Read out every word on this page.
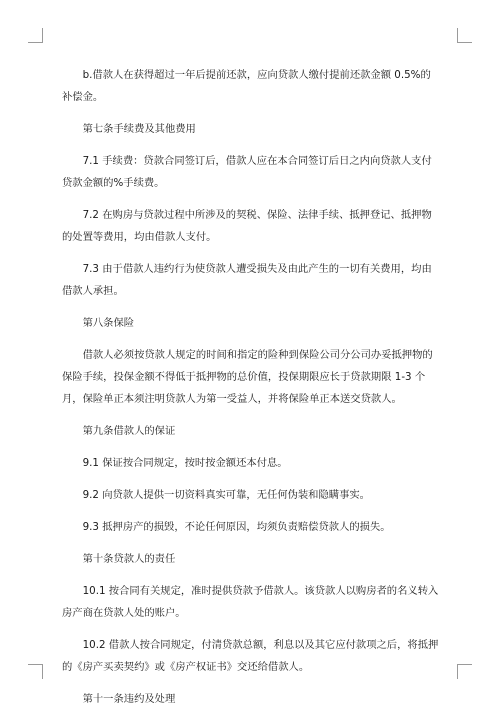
b.借款人在获得超过一年后提前还款，应向贷款人缴付提前还款金额 0.5%的补偿金。

第七条手续费及其他费用

7.1 手续费：贷款合同签订后，借款人应在本合同签订后日之内向贷款人支付贷款金额的%手续费。

7.2 在购房与贷款过程中所涉及的契税、保险、法律手续、抵押登记、抵押物的处置等费用，均由借款人支付。

7.3 由于借款人违约行为使贷款人遭受损失及由此产生的一切有关费用，均由借款人承担。

第八条保险

借款人必须按贷款人规定的时间和指定的险种到保险公司分公司办妥抵押物的保险手续，投保金额不得低于抵押物的总价值，投保期限应长于贷款期限 1-3 个月，保险单正本须注明贷款人为第一受益人，并将保险单正本送交贷款人。

第九条借款人的保证

9.1 保证按合同规定，按时按金额还本付息。

9.2 向贷款人提供一切资料真实可靠，无任何伪装和隐瞒事实。

9.3 抵押房产的损毁，不论任何原因，均须负责赔偿贷款人的损失。

第十条贷款人的责任

10.1 按合同有关规定，准时提供贷款予借款人。该贷款人以购房者的名义转入房产商在贷款人处的账户。

10.2 借款人按合同规定，付清贷款总额，利息以及其它应付款项之后，将抵押的《房产买卖契约》或《房产权证书》交还给借款人。

第十一条违约及处理
